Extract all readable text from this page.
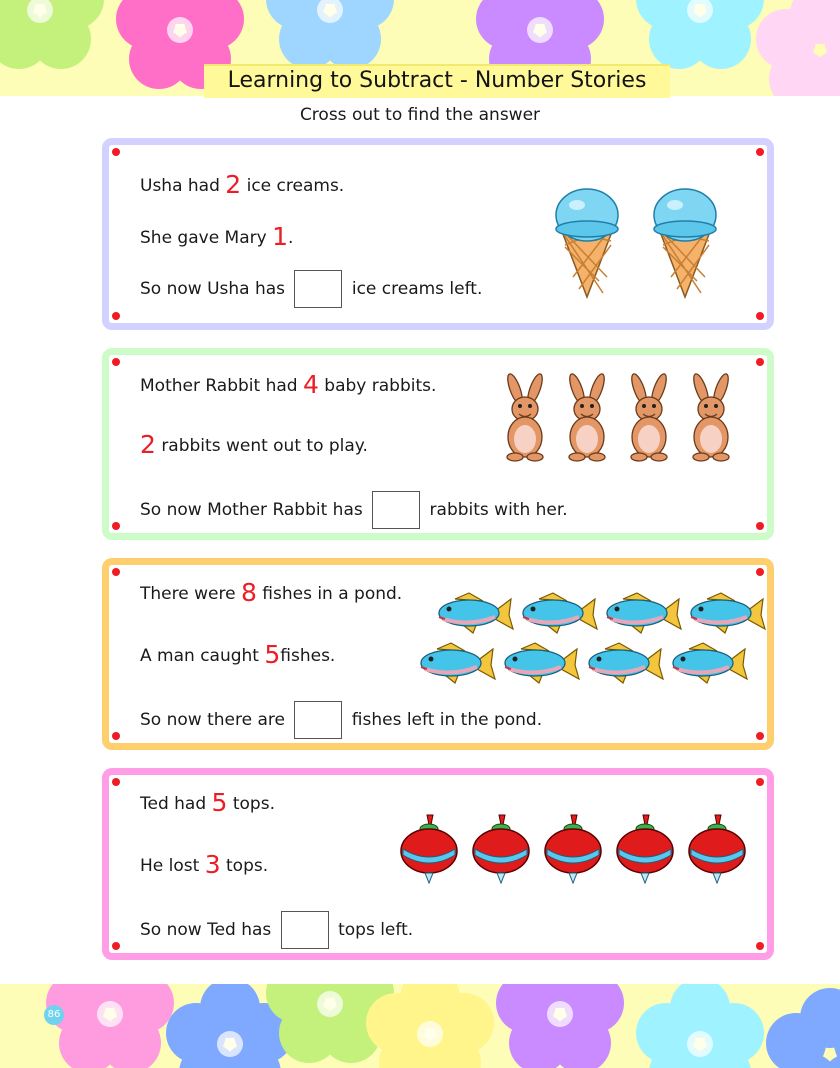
Learning to Subtract - Number Stories
Cross out to find the answer
Usha had 2 ice creams.
She gave Mary 1.
So now Usha has	ice creams left.
Mother Rabbit had 4 baby rabbits.
2 rabbits went out to play.
So now Mother Rabbit has	rabbits with her.
There were 8 fishes in a pond.
A man caught 5fishes.
So now there are	fishes left in the pond.
Ted had 5 tops.
He lost 3 tops.
So now Ted has	tops left.
86
